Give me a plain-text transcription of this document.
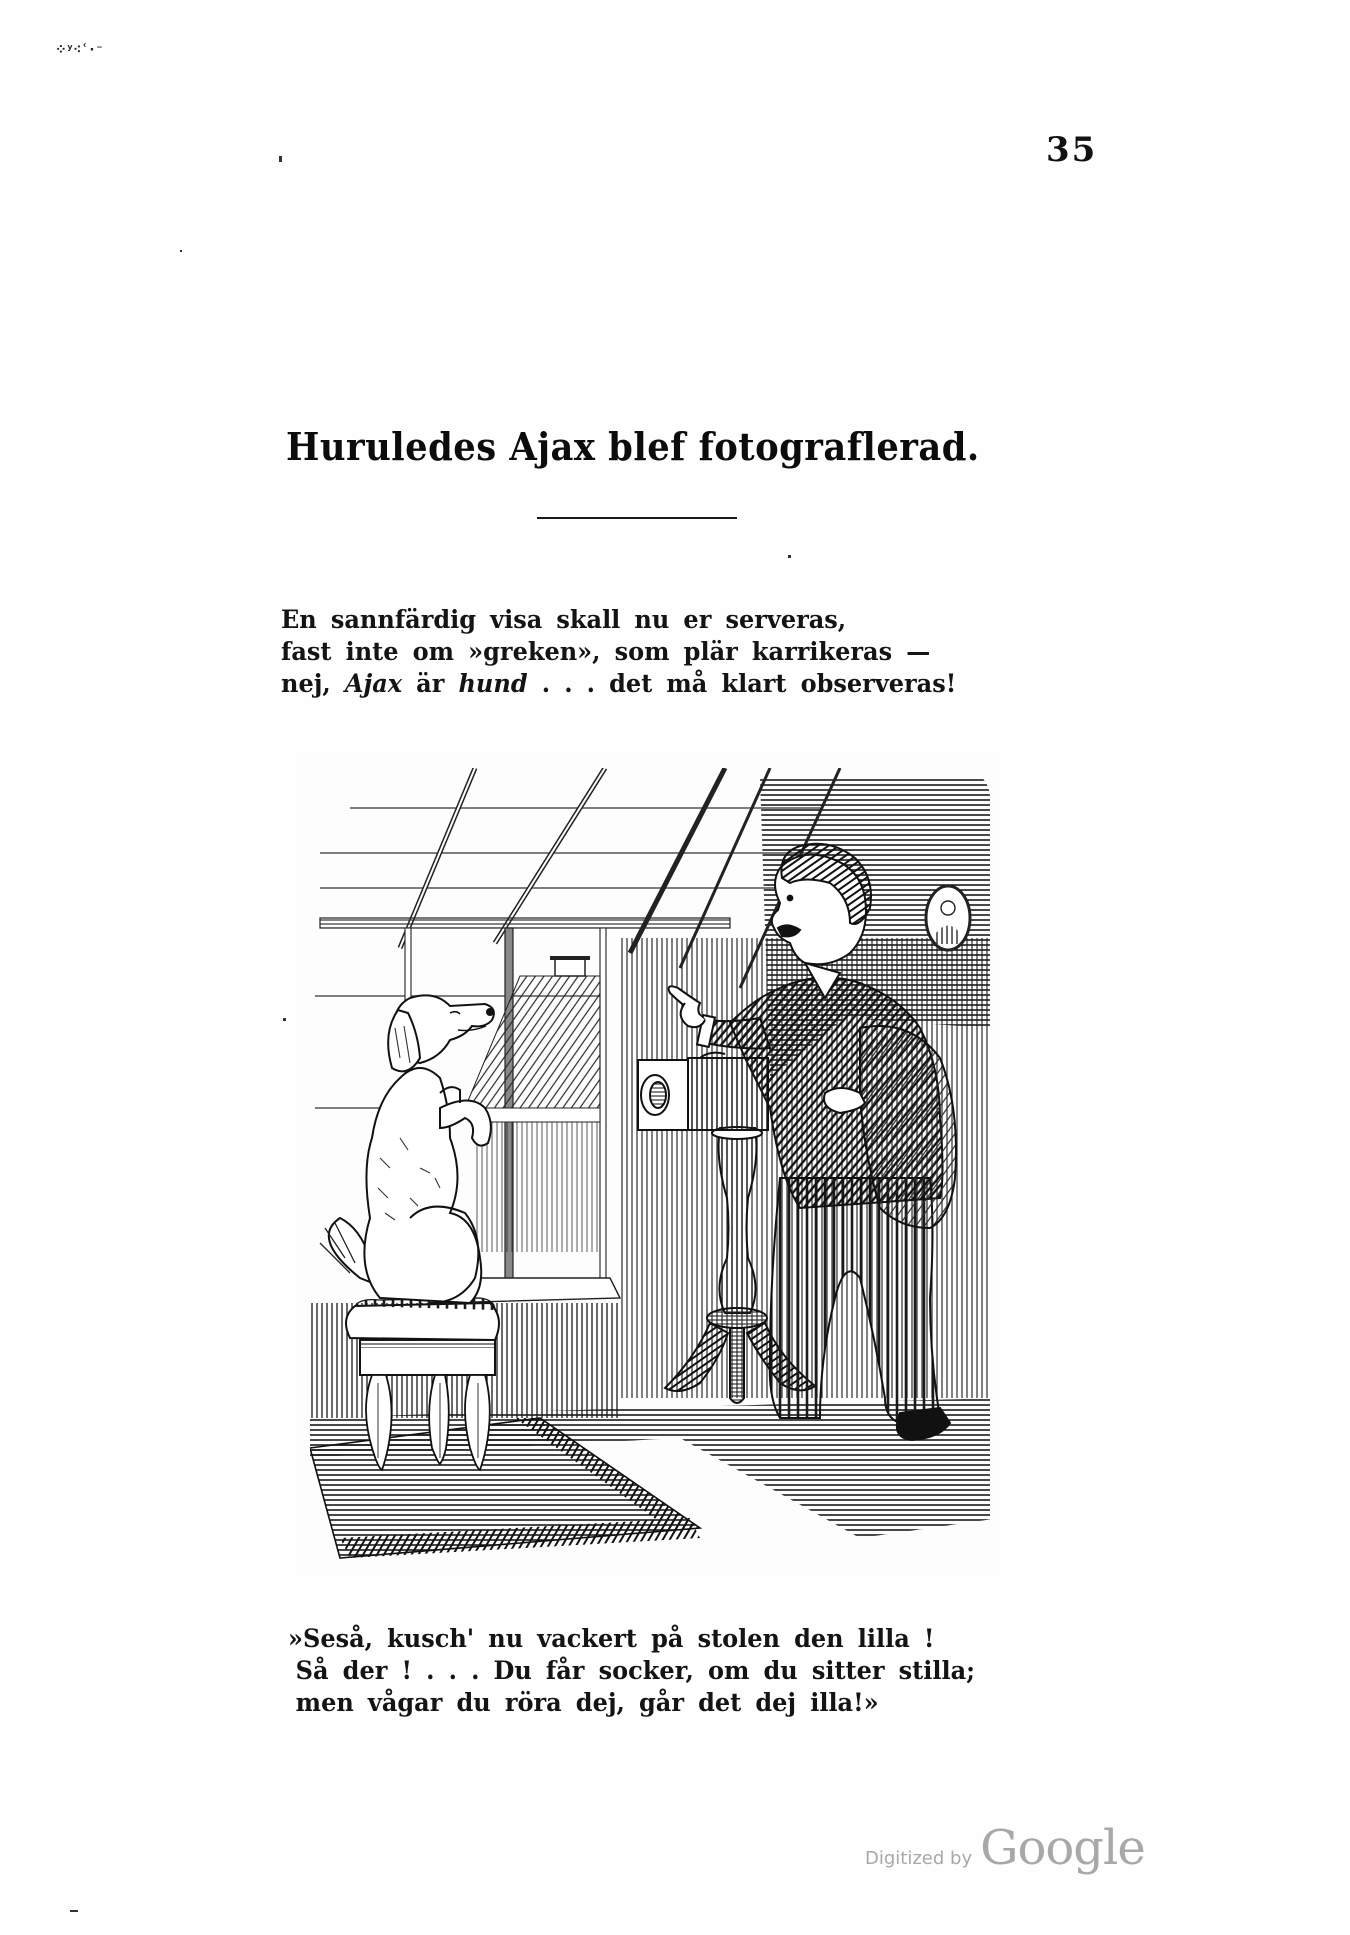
⁘ʸ⁖ʿ·⁻
35
Huruledes Ajax blef fotograflerad.
En sannfärdig visa skall nu er serveras,
fast inte om »greken», som plär karrikeras —
nej, Ajax är hund . . . det må klart observeras!
»Seså, kusch' nu vackert på stolen den lilla !
Så der ! . . . Du får socker, om du sitter stilla;
men vågar du röra dej, går det dej illa!»
Digitized by Google
